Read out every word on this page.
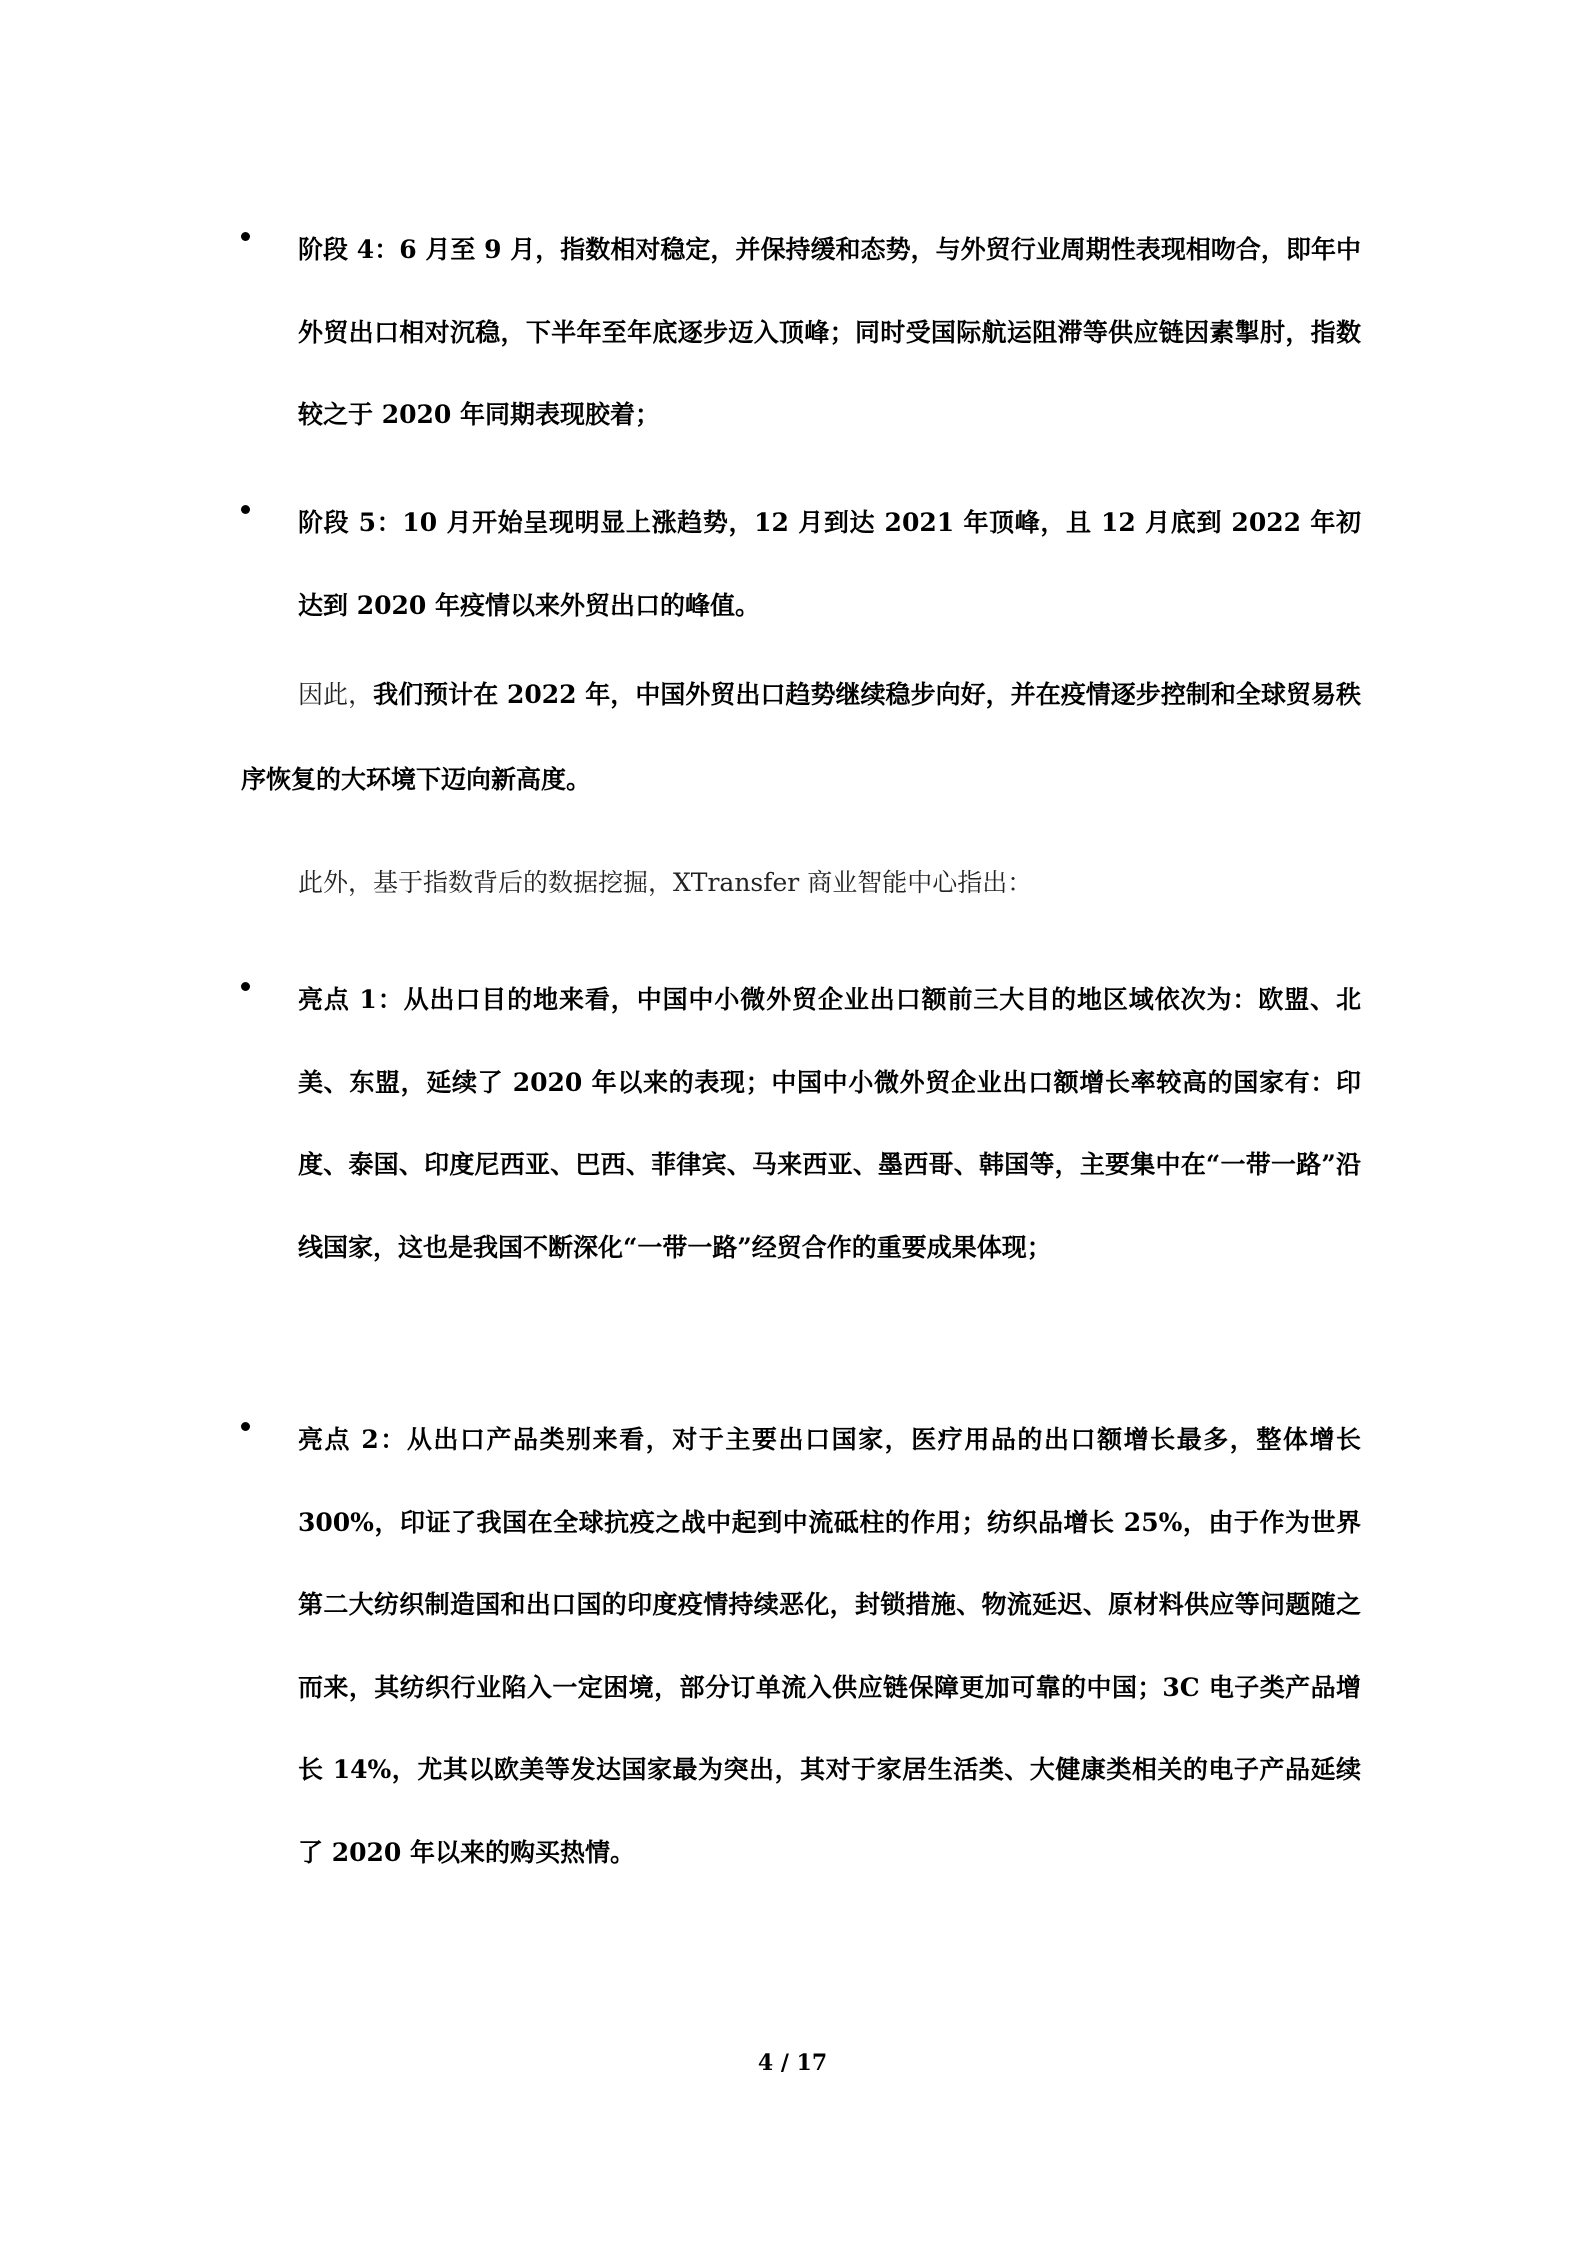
阶段 4：6 月至 9 月，指数相对稳定，并保持缓和态势，与外贸行业周期性表现相吻合，即年中外贸出口相对沉稳，下半年至年底逐步迈入顶峰；同时受国际航运阻滞等供应链因素掣肘，指数较之于 2020 年同期表现胶着；
阶段 5：10 月开始呈现明显上涨趋势，12 月到达 2021 年顶峰，且 12 月底到 2022 年初达到 2020 年疫情以来外贸出口的峰值。
因此，我们预计在 2022 年，中国外贸出口趋势继续稳步向好，并在疫情逐步控制和全球贸易秩序恢复的大环境下迈向新高度。
此外，基于指数背后的数据挖掘，XTransfer 商业智能中心指出：
亮点 1：从出口目的地来看，中国中小微外贸企业出口额前三大目的地区域依次为：欧盟、北美、东盟，延续了 2020 年以来的表现；中国中小微外贸企业出口额增长率较高的国家有：印度、泰国、印度尼西亚、巴西、菲律宾、马来西亚、墨西哥、韩国等，主要集中在“一带一路”沿线国家，这也是我国不断深化“一带一路”经贸合作的重要成果体现；
亮点 2：从出口产品类别来看，对于主要出口国家，医疗用品的出口额增长最多，整体增长 300%，印证了我国在全球抗疫之战中起到中流砥柱的作用；纺织品增长 25%，由于作为世界第二大纺织制造国和出口国的印度疫情持续恶化，封锁措施、物流延迟、原材料供应等问题随之而来，其纺织行业陷入一定困境，部分订单流入供应链保障更加可靠的中国；3C 电子类产品增长 14%，尤其以欧美等发达国家最为突出，其对于家居生活类、大健康类相关的电子产品延续了 2020 年以来的购买热情。
4 / 17
